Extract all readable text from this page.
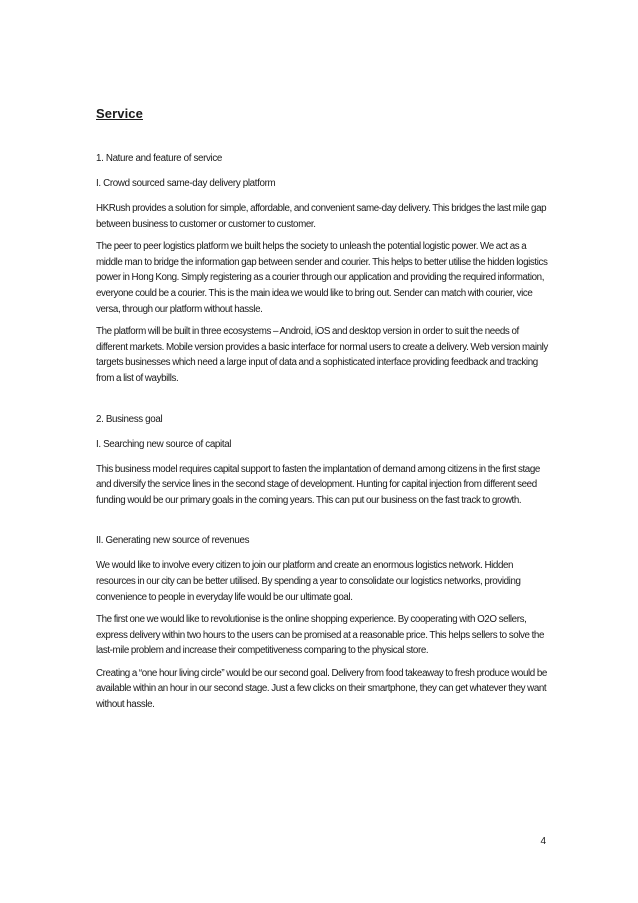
Service
1. Nature and feature of service
I. Crowd sourced same-day delivery platform

HKRush provides a solution for simple, affordable, and convenient same-day delivery. This bridges the last mile gap between business to customer or customer to customer.

The peer to peer logistics platform we built helps the society to unleash the potential logistic power. We act as a middle man to bridge the information gap between sender and courier. This helps to better utilise the hidden logistics power in Hong Kong. Simply registering as a courier through our application and providing the required information, everyone could be a courier. This is the main idea we would like to bring out. Sender can match with courier, vice versa, through our platform without hassle.

The platform will be built in three ecosystems – Android, iOS and desktop version in order to suit the needs of different markets. Mobile version provides a basic interface for normal users to create a delivery. Web version mainly targets businesses which need a large input of data and a sophisticated interface providing feedback and tracking from a list of waybills.

2. Business goal
I. Searching new source of capital

This business model requires capital support to fasten the implantation of demand among citizens in the first stage and diversify the service lines in the second stage of development. Hunting for capital injection from different seed funding would be our primary goals in the coming years. This can put our business on the fast track to growth.

II. Generating new source of revenues

We would like to involve every citizen to join our platform and create an enormous logistics network. Hidden resources in our city can be better utilised. By spending a year to consolidate our logistics networks, providing convenience to people in everyday life would be our ultimate goal.

The first one we would like to revolutionise is the online shopping experience. By cooperating with O2O sellers, express delivery within two hours to the users can be promised at a reasonable price. This helps sellers to solve the last-mile problem and increase their competitiveness comparing to the physical store.

Creating a “one hour living circle” would be our second goal. Delivery from food takeaway to fresh produce would be available within an hour in our second stage. Just a few clicks on their smartphone, they can get whatever they want without hassle.

4
